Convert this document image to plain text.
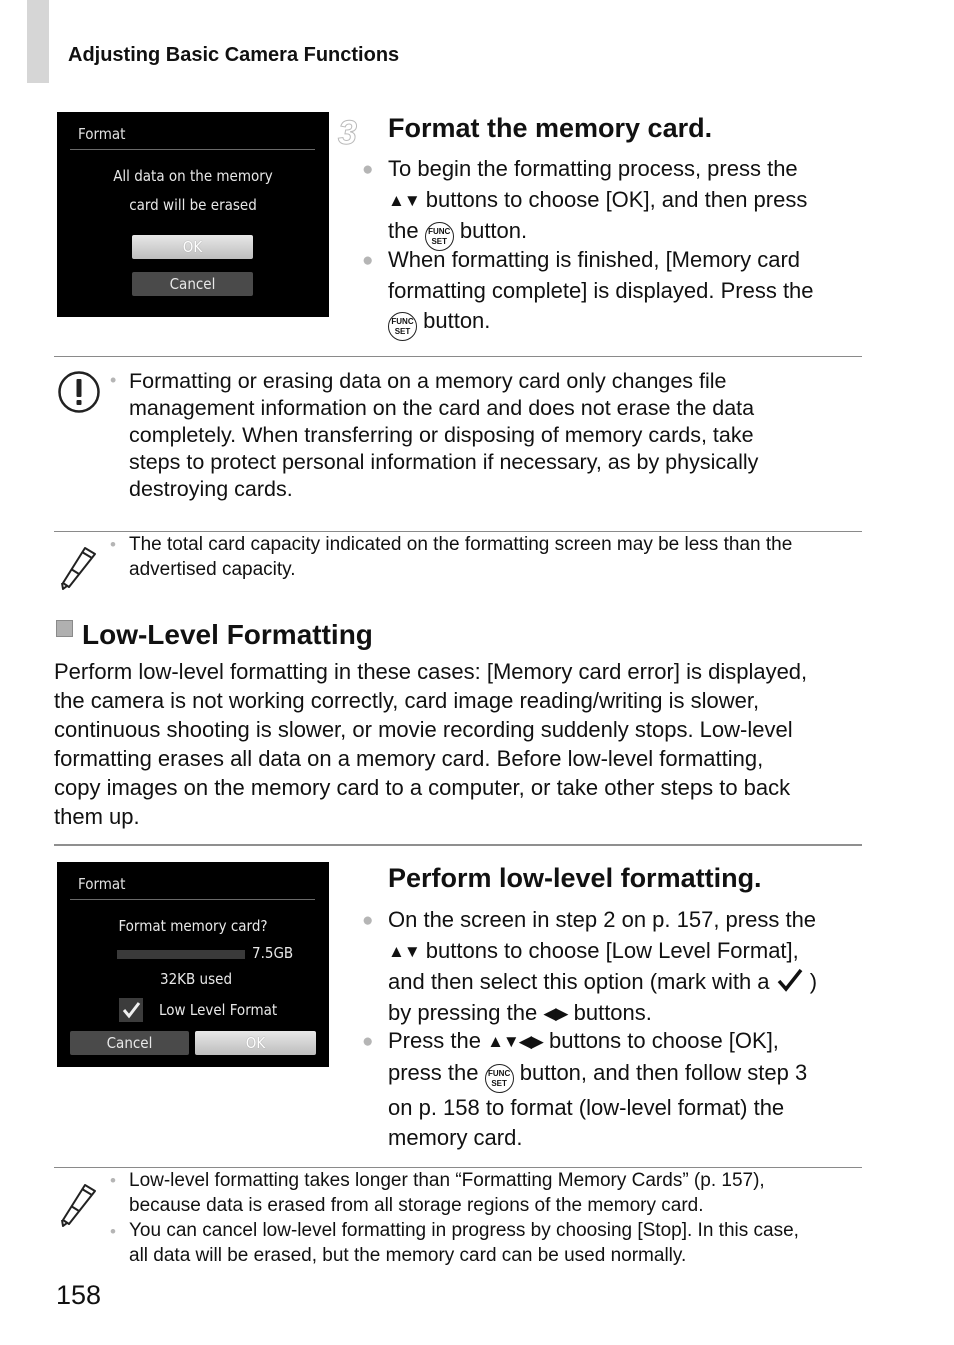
Adjusting Basic Camera Functions
Format
All data on the memory
card will be erased
OK
Cancel
3 Format the memory card.
● To begin the formatting process, press the
▲▼ buttons to choose [OK], and then press
the FUNC
SET button.
● When formatting is finished, [Memory card
formatting complete] is displayed. Press the
FUNC
SET button.
• Formatting or erasing data on a memory card only changes file
management information on the card and does not erase the data
completely. When transferring or disposing of memory cards, take
steps to protect personal information if necessary, as by physically
destroying cards.
• The total card capacity indicated on the formatting screen may be less than the
advertised capacity.
Low-Level Formatting
Perform low-level formatting in these cases: [Memory card error] is displayed,
the camera is not working correctly, card image reading/writing is slower,
continuous shooting is slower, or movie recording suddenly stops. Low-level
formatting erases all data on a memory card. Before low-level formatting,
copy images on the memory card to a computer, or take other steps to back
them up.
Format
Format memory card?
7.5GB
32KB used
Low Level Format
Cancel	OK
Perform low-level formatting.
● On the screen in step 2 on p. 157, press the
▲▼ buttons to choose [Low Level Format],
and then select this option (mark with a )
by pressing the ◀▶ buttons.
● Press the ▲▼◀▶ buttons to choose [OK],
press the FUNC
SET button, and then follow step 3
on p. 158 to format (low-level format) the
memory card.
• Low-level formatting takes longer than “Formatting Memory Cards” (p. 157),
because data is erased from all storage regions of the memory card.
• You can cancel low-level formatting in progress by choosing [Stop]. In this case,
all data will be erased, but the memory card can be used normally.
158
